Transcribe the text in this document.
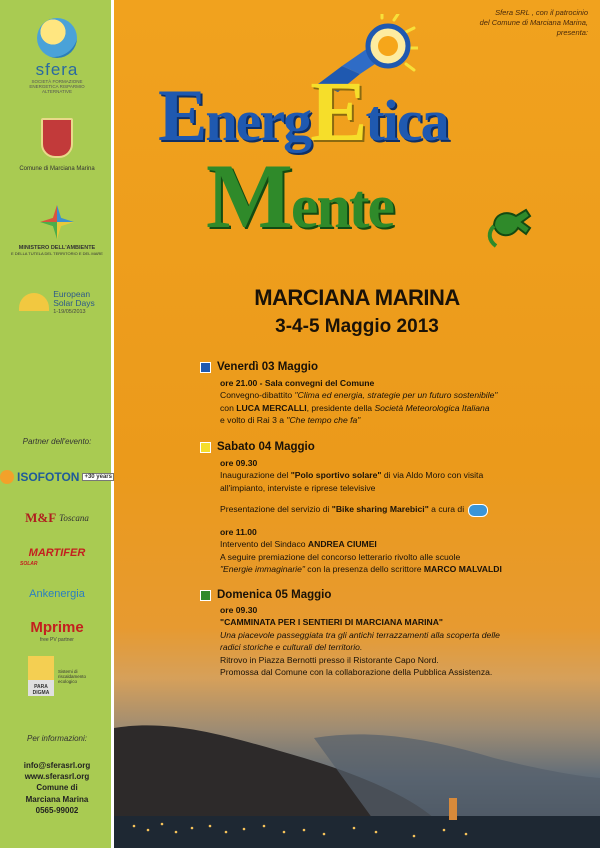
sfera
SOCIETÀ FORMAZIONE ENERGETICA RISPARMIO ALTERNATIVE
Comune di Marciana Marina
MINISTERO DELL'AMBIENTE
E DELLA TUTELA DEL TERRITORIO E DEL MARE
European
Solar Days
1-19/05/2013
Partner dell'evento:
ISOFOTON +30 years
M&F Toscana
MARTIFER
SOLAR
Ankenergia
Mprime
free PV partner
PARA DIGMA
Sistemi di riscaldamento ecologico
Per informazioni:
info@sferasrl.org
www.sferasrl.org
Comune di
Marciana Marina
0565-99002
Sfera SRL , con il patrocinio
del Comune di Marciana Marina,
presenta:
EnergEtica
Mente
MARCIANA MARINA
3-4-5 Maggio 2013
Venerdì 03 Maggio
ore 21.00 - Sala convegni del Comune
Convegno-dibattito "Clima ed energia, strategie per un futuro sostenibile"
con LUCA MERCALLI, presidente della Società Meteorologica Italiana
e volto di Rai 3 a "Che tempo che fa"
Sabato 04 Maggio
ore 09.30
Inaugurazione del "Polo sportivo solare" di via Aldo Moro con visita
all'impianto, interviste e riprese televisive
Presentazione del servizio di "Bike sharing Marebici" a cura di
ore 11.00
Intervento del Sindaco ANDREA CIUMEI
A seguire premiazione del concorso letterario rivolto alle scuole
"Energie immaginarie" con la presenza dello scrittore MARCO MALVALDI
Domenica 05 Maggio
ore 09.30
"CAMMINATA PER I SENTIERI DI MARCIANA MARINA"
Una piacevole passeggiata tra gli antichi terrazzamenti alla scoperta delle
radici storiche e culturali del territorio.
Ritrovo in Piazza Bernotti presso il Ristorante Capo Nord.
Promossa dal Comune con la collaborazione della Pubblica Assistenza.
